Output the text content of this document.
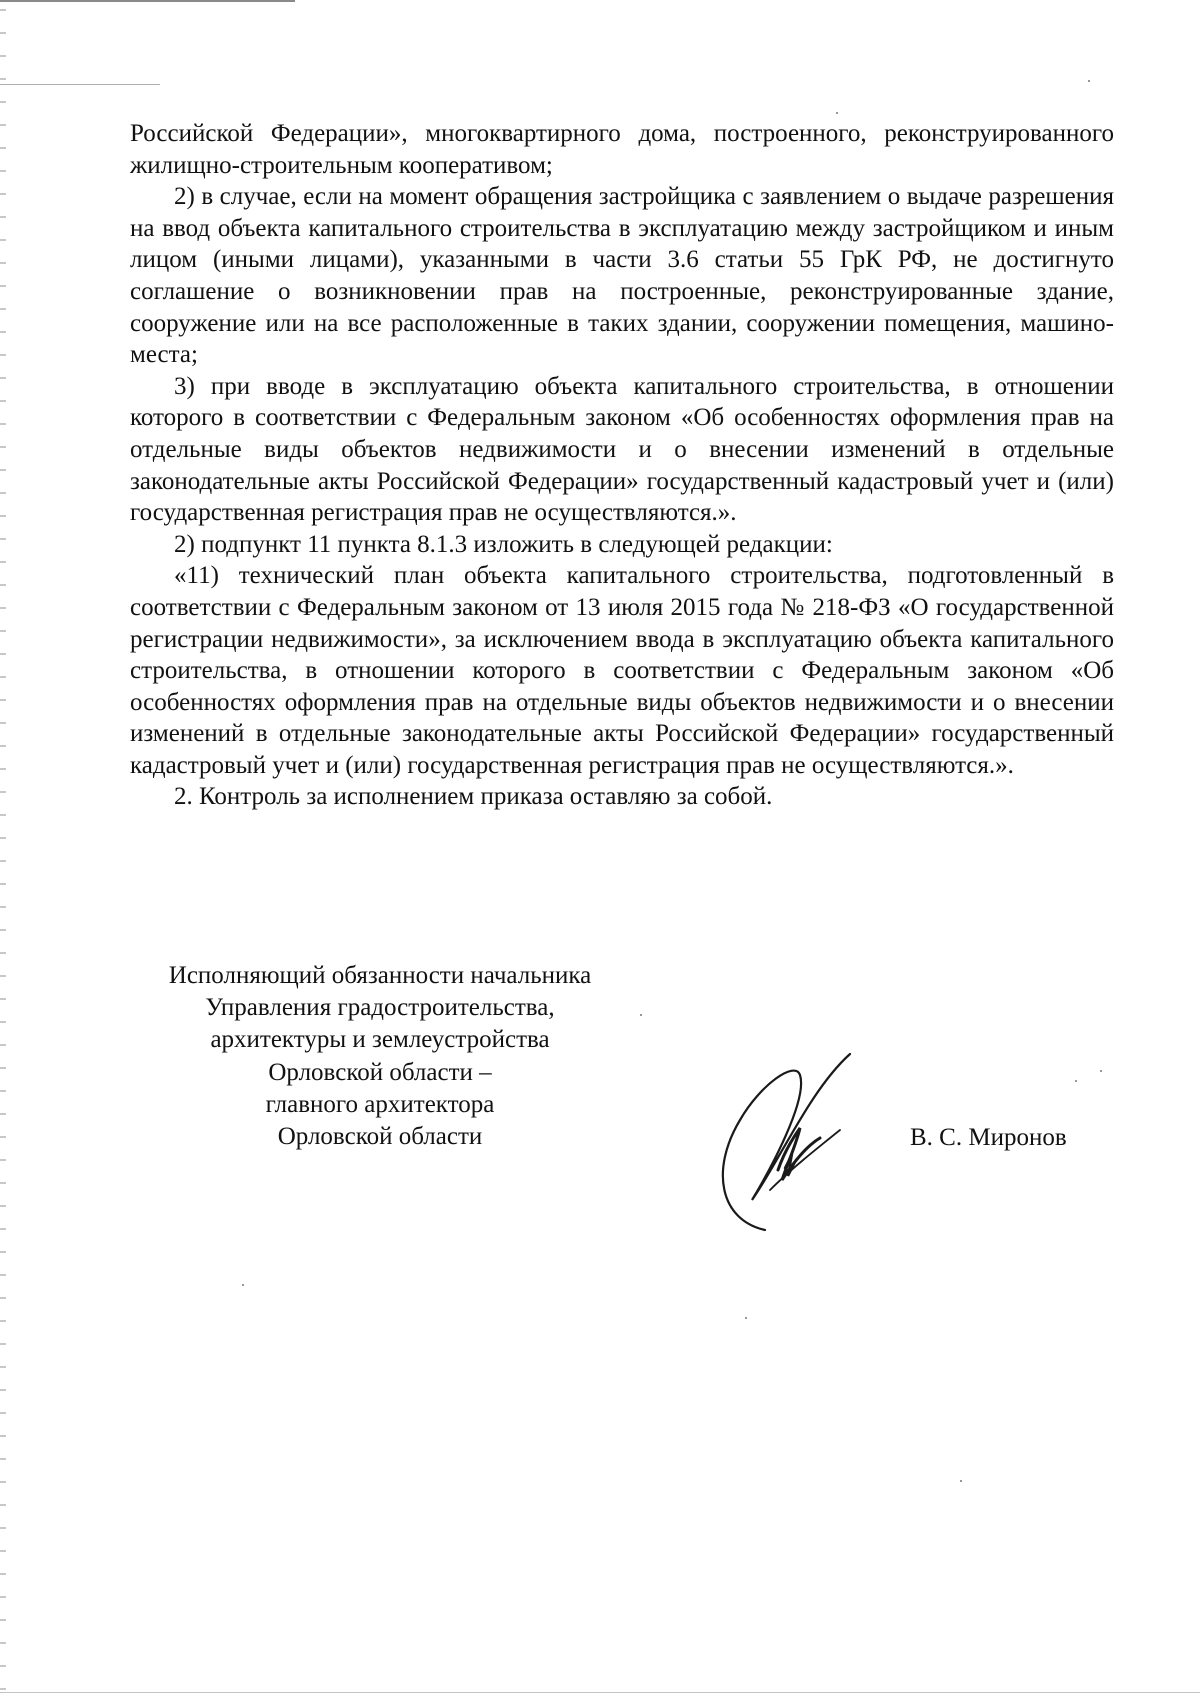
Российской Федерации», многоквартирного дома, построенного, реконструированного жилищно-строительным кооперативом;

2) в случае, если на момент обращения застройщика с заявлением о выдаче разрешения на ввод объекта капитального строительства в эксплуатацию между застройщиком и иным лицом (иными лицами), указанными в части 3.6 статьи 55 ГрК РФ, не достигнуто соглашение о возникновении прав на построенные, реконструированные здание, сооружение или на все расположенные в таких здании, сооружении помещения, машино-места;

3) при вводе в эксплуатацию объекта капитального строительства, в отношении которого в соответствии с Федеральным законом «Об особенностях оформления прав на отдельные виды объектов недвижимости и о внесении изменений в отдельные законодательные акты Российской Федерации» государственный кадастровый учет и (или) государственная регистрация прав не осуществляются.».

2) подпункт 11 пункта 8.1.3 изложить в следующей редакции:

«11) технический план объекта капитального строительства, подготовленный в соответствии с Федеральным законом от 13 июля 2015 года № 218-ФЗ «О государственной регистрации недвижимости», за исключением ввода в эксплуатацию объекта капитального строительства, в отношении которого в соответствии с Федеральным законом «Об особенностях оформления прав на отдельные виды объектов недвижимости и о внесении изменений в отдельные законодательные акты Российской Федерации» государственный кадастровый учет и (или) государственная регистрация прав не осуществляются.».

2. Контроль за исполнением приказа оставляю за собой.

Исполняющий обязанности начальника
Управления градостроительства,
архитектуры и землеустройства
Орловской области –
главного архитектора
Орловской области	В. С. Миронов
